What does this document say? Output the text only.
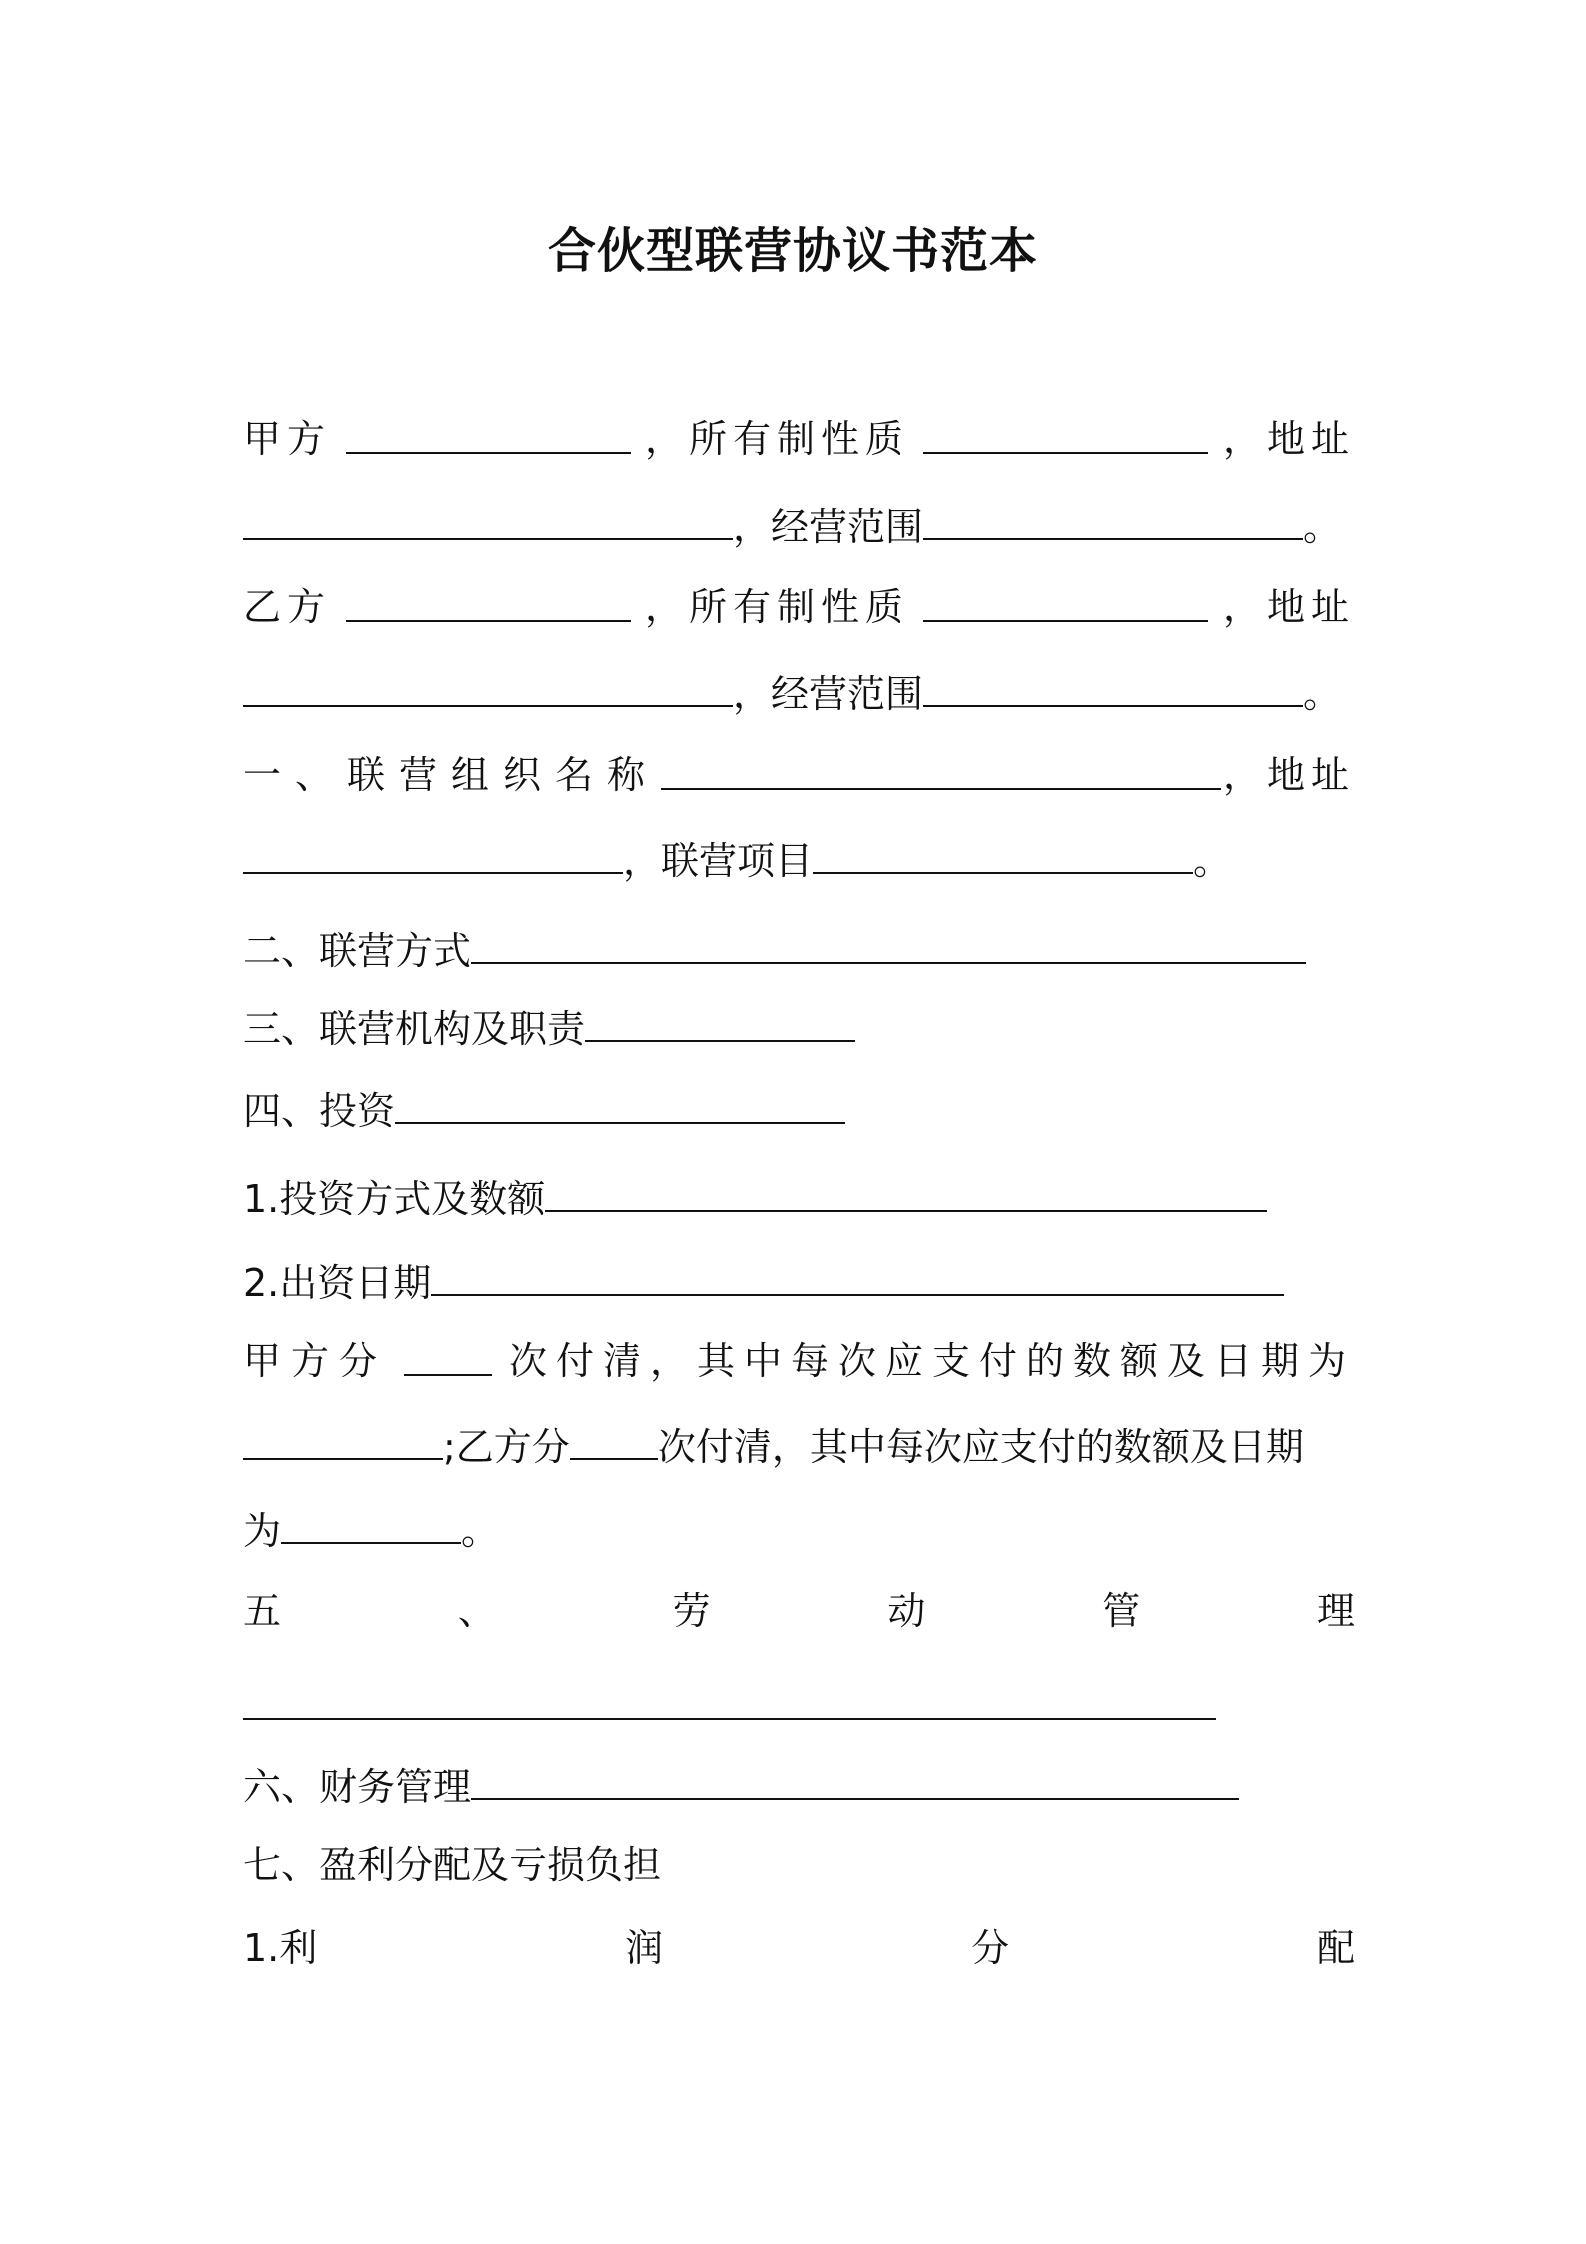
合伙型联营协议书范本
甲方	，所有制性质	，地址
，经营范围	。
乙方	，所有制性质	，地址
，经营范围	。
一、联营组织名称	，地址
，联营项目	。
二、联营方式
三、联营机构及职责
四、投资
1.投资方式及数额
2.出资日期
甲方分	次付清，其中每次应支付的数额及日期为
;乙方分 次付清，其中每次应支付的数额及日期
为	。
五	、	劳	动	管	理
六、财务管理
七、盈利分配及亏损负担
1.利	润	分	配
